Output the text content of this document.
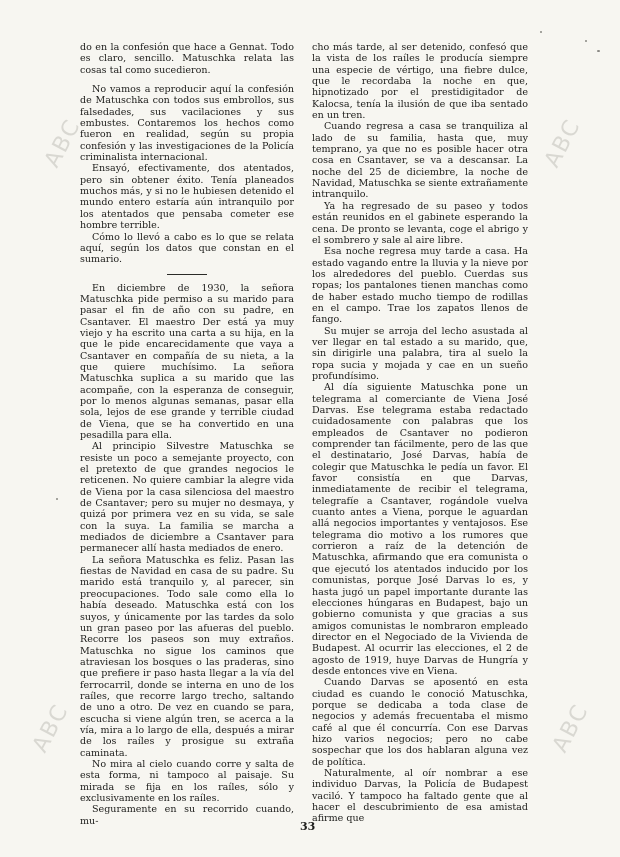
ABC
ABC
ABC
ABC

do en la confesión que hace a Gennat. Todo es claro, sencillo. Matuschka relata las cosas tal como sucedieron.

No vamos a reproducir aquí la confesión de Matuschka con todos sus embrollos, sus falsedades, sus vacilaciones y sus embustes. Contaremos los hechos como fueron en realidad, según su propia confesión y las investigaciones de la Policía criminalista internacional.

Ensayó, efectivamente, dos atentados, pero sin obtener éxito. Tenía planeados muchos más, y si no le hubiesen detenido el mundo entero estaría aún intranquilo por los atentados que pensaba cometer ese hombre terrible.

Cómo lo llevó a cabo es lo que se relata aquí, según los datos que constan en el sumario.

En diciembre de 1930, la señora Matuschka pide permiso a su marido para pasar el fin de año con su padre, en Csantaver. El maestro Der está ya muy viejo y ha escrito una carta a su hija, en la que le pide encarecidamente que vaya a Csantaver en compañía de su nieta, a la que quiere muchísimo. La señora Matuschka suplica a su marido que las acompañe, con la esperanza de conseguir, por lo menos algunas semanas, pasar ella sola, lejos de ese grande y terrible ciudad de Viena, que se ha convertido en una pesadilla para ella.

Al principio Silvestre Matuschka se resiste un poco a semejante proyecto, con el pretexto de que grandes negocios le reticenen. No quiere cambiar la alegre vida de Viena por la casa silenciosa del maestro de Csantaver; pero su mujer no desmaya, y quizá por primera vez en su vida, se sale con la suya. La familia se marcha a mediados de diciembre a Csantaver para permanecer allí hasta mediados de enero.

La señora Matuschka es feliz. Pasan las fiestas de Navidad en casa de su padre. Su marido está tranquilo y, al parecer, sin preocupaciones. Todo sale como ella lo había deseado. Matuschka está con los suyos, y únicamente por las tardes da solo un gran paseo por las afueras del pueblo. Recorre los paseos son muy extraños. Matuschka no sigue los caminos que atraviesan los bosques o las praderas, sino que prefiere ir paso hasta llegar a la vía del ferrocarril, donde se interna en uno de los raíles, que recorre largo trecho, saltando de uno a otro. De vez en cuando se para, escucha si viene algún tren, se acerca a la vía, mira a lo largo de ella, después a mirar de los raíles y prosigue su extraña caminata.

No mira al cielo cuando corre y salta de esta forma, ni tampoco al paisaje. Su mirada se fija en los raíles, sólo y exclusivamente en los raíles.

Seguramente en su recorrido cuando, mu-

cho más tarde, al ser detenido, confesó que la vista de los raíles le producía siempre una especie de vértigo, una fiebre dulce, que le recordaba la noche en que, hipnotizado por el prestidigitador de Kalocsa, tenía la ilusión de que iba sentado en un tren.

Cuando regresa a casa se tranquiliza al lado de su familia, hasta que, muy temprano, ya que no es posible hacer otra cosa en Csantaver, se va a descansar. La noche del 25 de diciembre, la noche de Navidad, Matuschka se siente extrañamente intranquilo.

Ya ha regresado de su paseo y todos están reunidos en el gabinete esperando la cena. De pronto se levanta, coge el abrigo y el sombrero y sale al aire libre.

Esa noche regresa muy tarde a casa. Ha estado vagando entre la lluvia y la nieve por los alrededores del pueblo. Cuerdas sus ropas; los pantalones tienen manchas como de haber estado mucho tiempo de rodillas en el campo. Trae los zapatos llenos de fango.

Su mujer se arroja del lecho asustada al ver llegar en tal estado a su marido, que, sin dirigirle una palabra, tira al suelo la ropa sucia y mojada y cae en un sueño profundísimo.

Al día siguiente Matuschka pone un telegrama al comerciante de Viena José Darvas. Ese telegrama estaba redactado cuidadosamente con palabras que los empleados de Csantaver no podieron comprender tan fácilmente, pero de las que el destinatario, José Darvas, había de colegir que Matuschka le pedía un favor. El favor consistía en que Darvas, inmediatamente de recibir el telegrama, telegrafíe a Csantaver, rogándole vuelva cuanto antes a Viena, porque le aguardan allá negocios importantes y ventajosos. Ese telegrama dio motivo a los rumores que corrieron a raíz de la detención de Matuschka, afirmando que era comunista o que ejecutó los atentados inducido por los comunistas, porque José Darvas lo es, y hasta jugó un papel importante durante las elecciones húngaras en Budapest, bajo un gobierno comunista y que gracias a sus amigos comunistas le nombraron empleado director en el Negociado de la Vivienda de Budapest. Al ocurrir las elecciones, el 2 de agosto de 1919, huye Darvas de Hungría y desde entonces vive en Viena.

Cuando Darvas se aposentó en esta ciudad es cuando le conoció Matuschka, porque se dedicaba a toda clase de negocios y además frecuentaba el mismo café al que él concurría. Con ese Darvas hizo varios negocios; pero no cabe sospechar que los dos hablaran alguna vez de política.

Naturalmente, al oír nombrar a ese individuo Darvas, la Policía de Budapest vaciló. Y tampoco ha faltado gente que al hacer el descubrimiento de esa amistad afirme que

33
